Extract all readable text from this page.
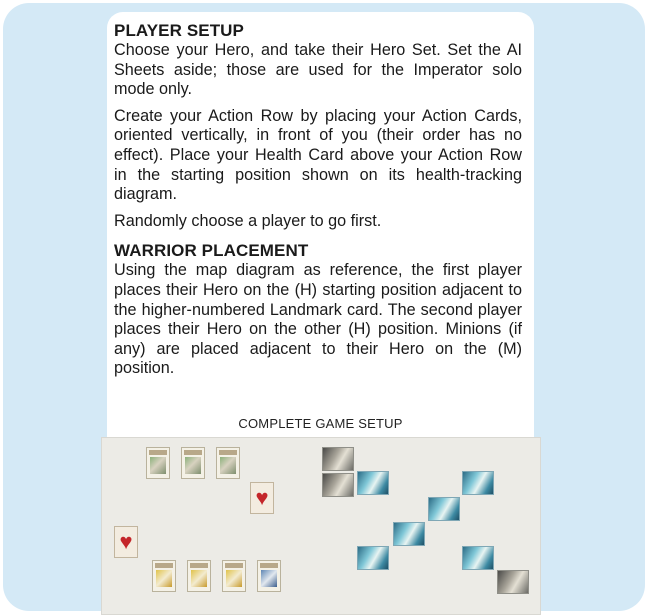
PLAYER SETUP

Choose your Hero, and take their Hero Set. Set the AI Sheets aside; those are used for the Imperator solo mode only.

Create your Action Row by placing your Action Cards, oriented vertically, in front of you (their order has no effect). Place your Health Card above your Action Row in the starting position shown on its health-tracking diagram.

Randomly choose a player to go first.

WARRIOR PLACEMENT

Using the map diagram as reference, the first player places their Hero on the (H) starting position adjacent to the higher-numbered Landmark card. The second player places their Hero on the other (H) position. Minions (if any) are placed adjacent to their Hero on the (M) position.

COMPLETE GAME SETUP
♥
♥
